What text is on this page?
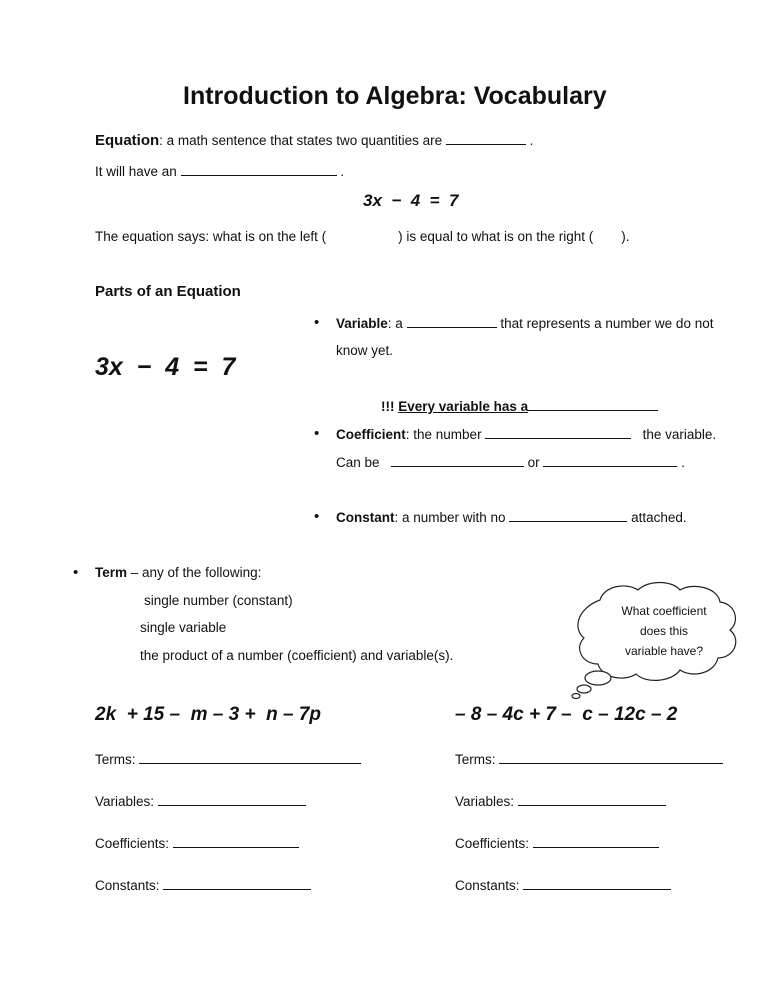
Introduction to Algebra: Vocabulary
Equation: a math sentence that states two quantities are	.
It will have an	.
3x  −  4  =  7
The equation says: what is on the left (	) is equal to what is on the right ( ).
Parts of an Equation
3x  −  4  =  7
• Variable: a	that represents a number we do not
know yet.
!!! Every variable has a
• Coefficient: the number	the variable.
Can be	or	.
• Constant: a number with no	attached.
• Term – any of the following:
single number (constant)
single variable
the product of a number (coefficient) and variable(s).
What coefficient
does this
variable have?
2k  + 15 –  m – 3 +  n – 7p	– 8 – 4c + 7 –  c – 12c – 2
Terms:
Variables:
Coefficients:
Constants:
Terms:
Variables:
Coefficients:
Constants:
